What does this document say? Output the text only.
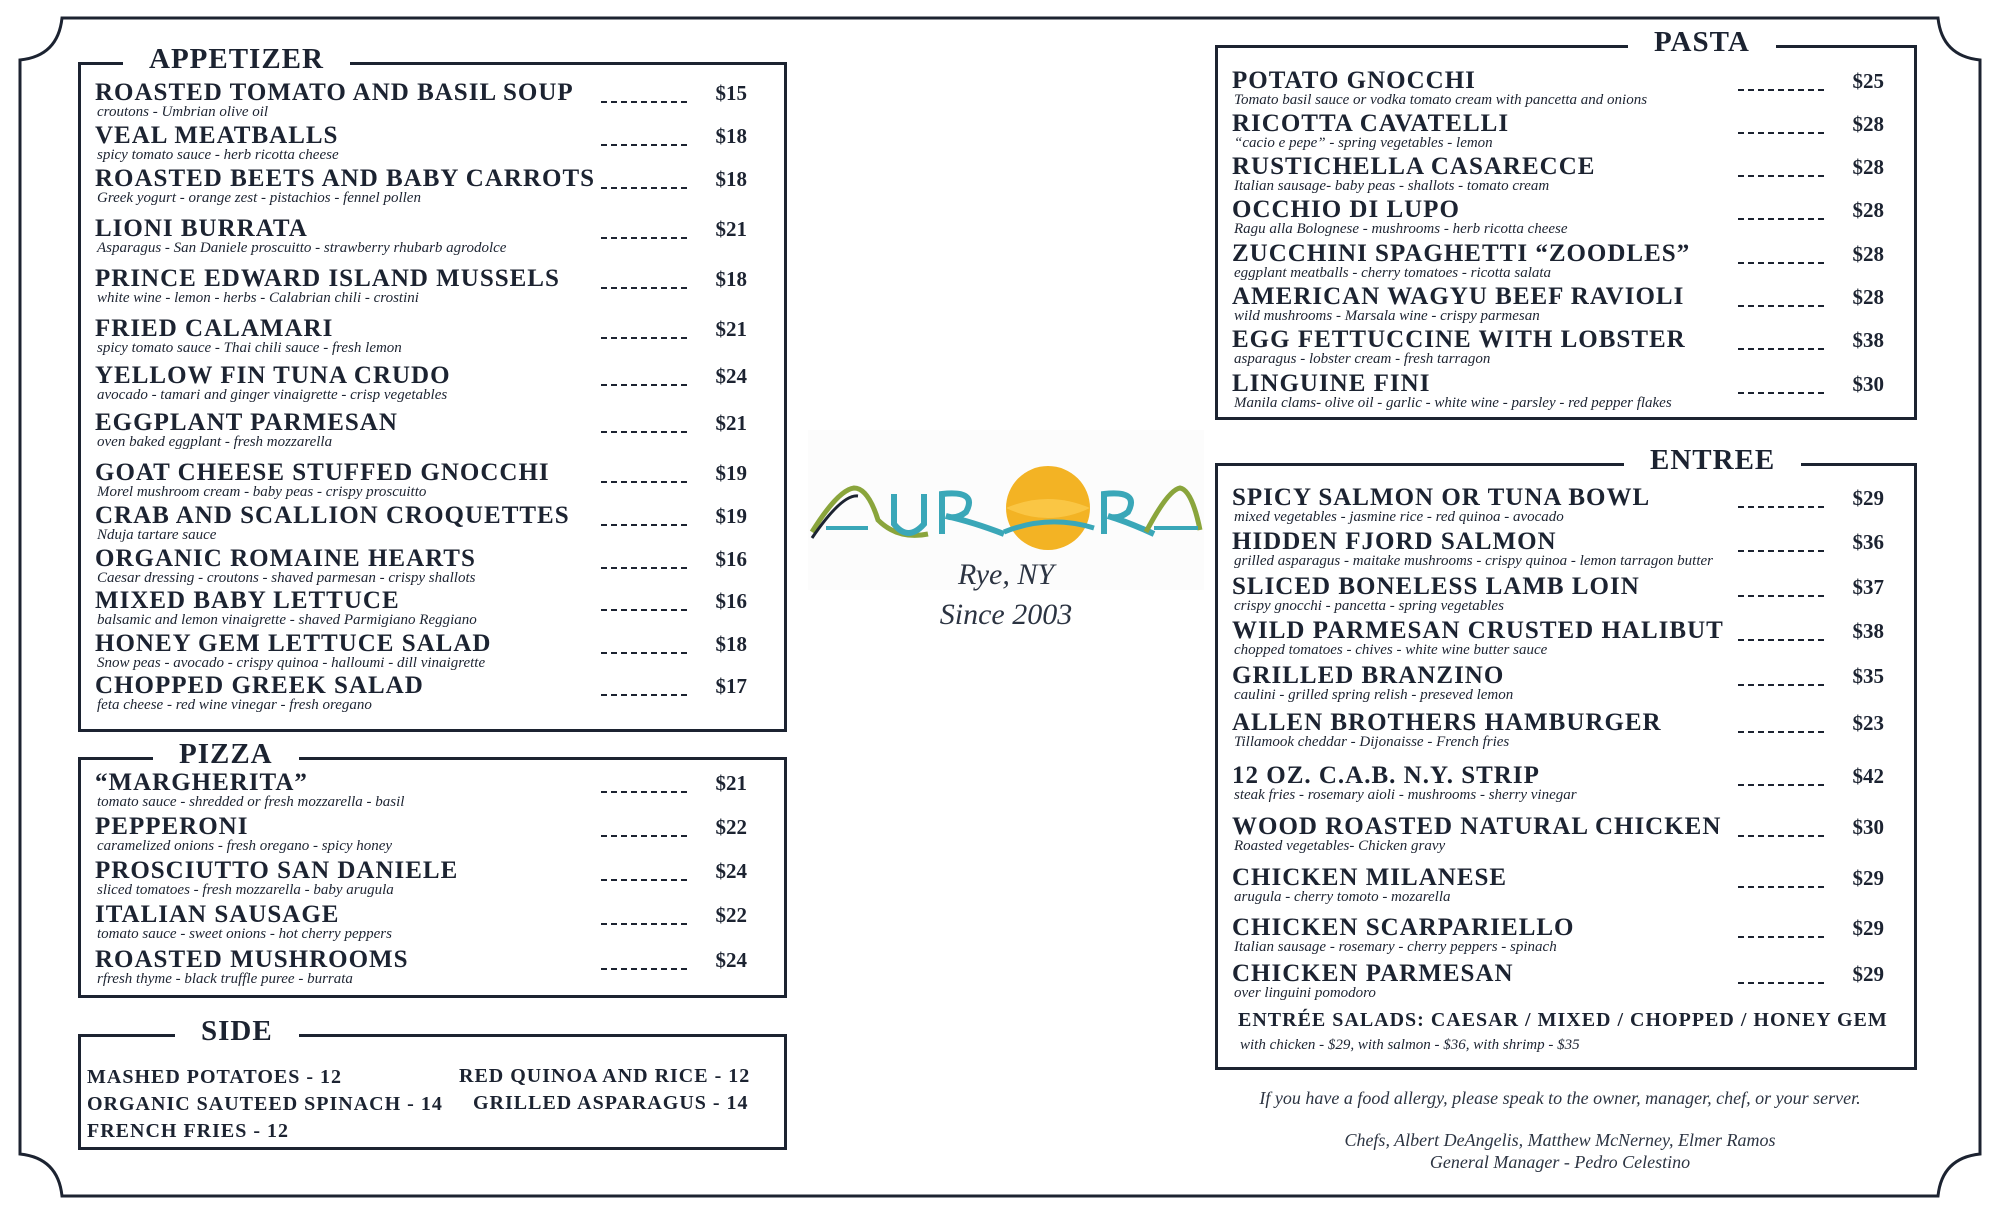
APPETIZER
ROASTED TOMATO AND BASIL SOUP
croutons - Umbrian olive oil
$15
VEAL MEATBALLS
spicy tomato sauce - herb ricotta cheese
$18
ROASTED BEETS AND BABY CARROTS
Greek yogurt - orange zest - pistachios - fennel pollen
$18
LIONI BURRATA
Asparagus - San Daniele proscuitto - strawberry rhubarb agrodolce
$21
PRINCE EDWARD ISLAND MUSSELS
white wine - lemon - herbs - Calabrian chili - crostini
$18
FRIED CALAMARI
spicy tomato sauce - Thai chili sauce - fresh lemon
$21
YELLOW FIN TUNA CRUDO
avocado - tamari and ginger vinaigrette - crisp vegetables
$24
EGGPLANT PARMESAN
oven baked eggplant - fresh mozzarella
$21
GOAT CHEESE STUFFED GNOCCHI
Morel mushroom cream - baby peas - crispy proscuitto
$19
CRAB AND SCALLION CROQUETTES
Nduja tartare sauce
$19
ORGANIC ROMAINE HEARTS
Caesar dressing - croutons - shaved parmesan - crispy shallots
$16
MIXED BABY LETTUCE
balsamic and lemon vinaigrette - shaved Parmigiano Reggiano
$16
HONEY GEM LETTUCE SALAD
Snow peas - avocado - crispy quinoa - halloumi - dill vinaigrette
$18
CHOPPED GREEK SALAD
feta cheese - red wine vinegar - fresh oregano
$17
PIZZA
“MARGHERITA”
tomato sauce - shredded or fresh mozzarella - basil
$21
PEPPERONI
caramelized onions - fresh oregano - spicy honey
$22
PROSCIUTTO SAN DANIELE
sliced tomatoes - fresh mozzarella - baby arugula
$24
ITALIAN SAUSAGE
tomato sauce - sweet onions - hot cherry peppers
$22
ROASTED MUSHROOMS
rfresh thyme - black truffle puree - burrata
$24
SIDE
MASHED POTATOES - 12
ORGANIC SAUTEED SPINACH - 14
FRENCH FRIES - 12
RED QUINOA AND RICE - 12
GRILLED ASPARAGUS - 14
PASTA
POTATO GNOCCHI
Tomato basil sauce or vodka tomato cream with pancetta and onions
$25
RICOTTA CAVATELLI
“cacio e pepe” - spring vegetables - lemon
$28
RUSTICHELLA CASARECCE
Italian sausage- baby peas - shallots - tomato cream
$28
OCCHIO DI LUPO
Ragu alla Bolognese - mushrooms - herb ricotta cheese
$28
ZUCCHINI SPAGHETTI “ZOODLES”
eggplant meatballs - cherry tomatoes - ricotta salata
$28
AMERICAN WAGYU BEEF RAVIOLI
wild mushrooms - Marsala wine - crispy parmesan
$28
EGG FETTUCCINE WITH LOBSTER
asparagus - lobster cream - fresh tarragon
$38
LINGUINE FINI
Manila clams- olive oil - garlic - white wine - parsley - red pepper flakes
$30
ENTREE
ENTRÉE SALADS: CAESAR / MIXED / CHOPPED / HONEY GEM
with chicken - $29, with salmon - $36, with shrimp - $35
SPICY SALMON OR TUNA BOWL
mixed vegetables - jasmine rice - red quinoa - avocado
$29
HIDDEN FJORD SALMON
grilled asparagus - maitake mushrooms - crispy quinoa - lemon tarragon butter
$36
SLICED BONELESS LAMB LOIN
crispy gnocchi - pancetta - spring vegetables
$37
WILD PARMESAN CRUSTED HALIBUT
chopped tomatoes - chives - white wine butter sauce
$38
GRILLED BRANZINO
caulini - grilled spring relish - preseved lemon
$35
ALLEN BROTHERS HAMBURGER
Tillamook cheddar - Dijonaisse - French fries
$23
12 OZ. C.A.B. N.Y. STRIP
steak fries - rosemary aioli - mushrooms - sherry vinegar
$42
WOOD ROASTED NATURAL CHICKEN
Roasted vegetables- Chicken gravy
$30
CHICKEN MILANESE
arugula - cherry tomoto - mozarella
$29
CHICKEN SCARPARIELLO
Italian sausage - rosemary - cherry peppers - spinach
$29
CHICKEN PARMESAN
over linguini pomodoro
$29
Rye, NY
Since 2003
If you have a food allergy, please speak to the owner, manager, chef, or your server.
Chefs, Albert DeAngelis, Matthew McNerney, Elmer Ramos
General Manager - Pedro Celestino
